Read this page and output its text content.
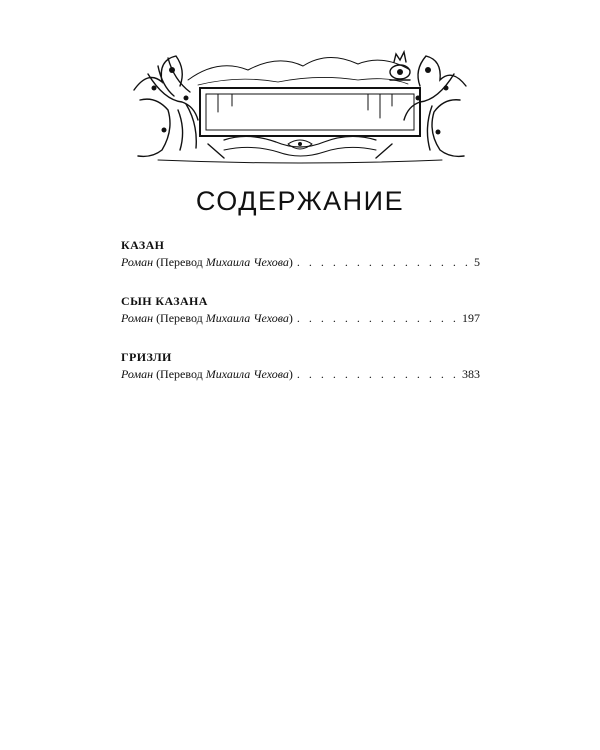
СОДЕРЖАНИЕ
КАЗАН
Роман (Перевод Михаила Чехова) . . .	5
СЫН КАЗАНА
Роман (Перевод Михаила Чехова) . . .	197
ГРИЗЛИ
Роман (Перевод Михаила Чехова) . . .	383
